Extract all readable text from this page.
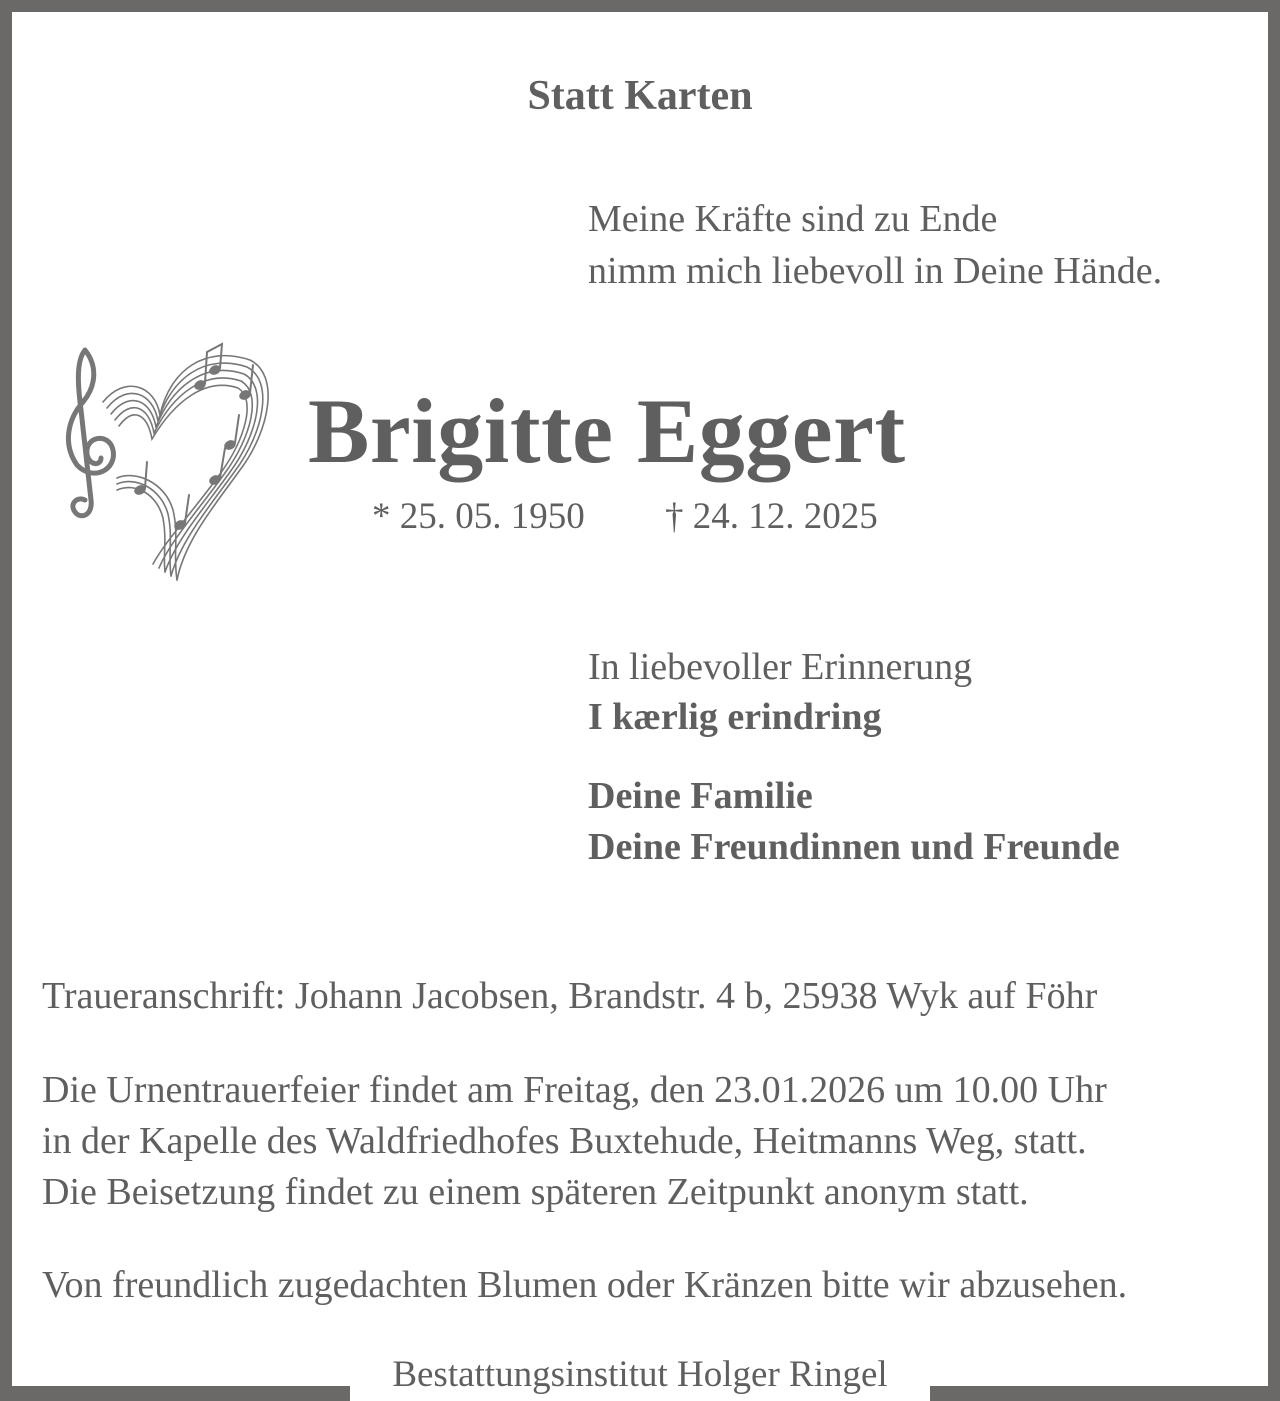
Statt Karten

Meine Kräfte sind zu Ende

nimm mich liebevoll in Deine Hände.

Brigitte Eggert

* 25. 05. 1950 † 24. 12. 2025

In liebevoller Erinnerung

I kærlig erindring

Deine Familie

Deine Freundinnen und Freunde

Traueranschrift: Johann Jacobsen, Brandstr. 4 b, 25938 Wyk auf Föhr

Die Urnentrauerfeier findet am Freitag, den 23.01.2026 um 10.00 Uhr

in der Kapelle des Waldfriedhofes Buxtehude, Heitmanns Weg, statt.

Die Beisetzung findet zu einem späteren Zeitpunkt anonym statt.

Von freundlich zugedachten Blumen oder Kränzen bitte wir abzusehen.

Bestattungsinstitut Holger Ringel
